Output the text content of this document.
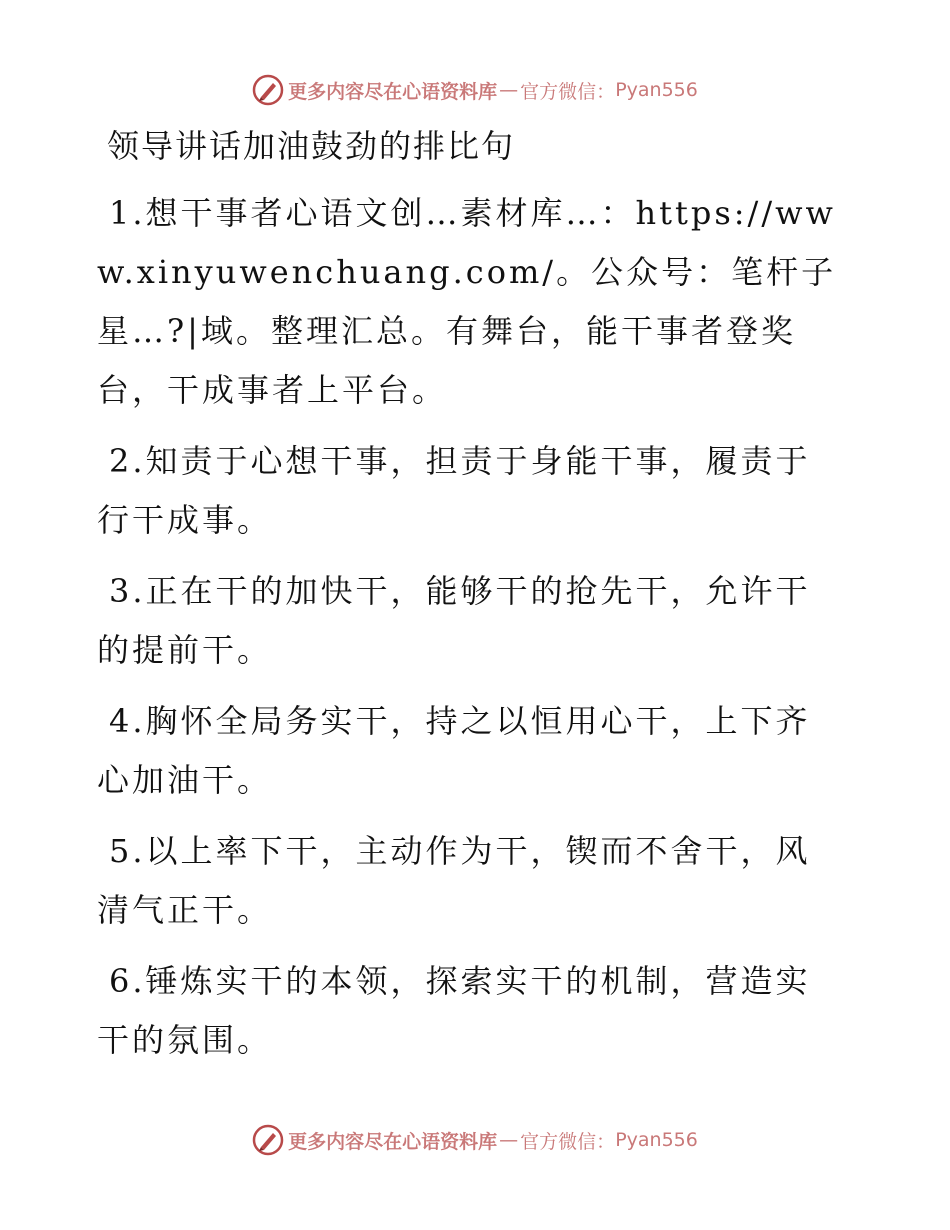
更多内容尽在心语资料库 — 官方微信： Pyan556
领导讲话加油鼓劲的排比句

1.想干事者心语文创…素材库…：https://www.xinyuwenchuang.com/。公众号：笔杆子星…?|域。整理汇总。有舞台，能干事者登奖台，干成事者上平台。

2.知责于心想干事，担责于身能干事，履责于行干成事。

3.正在干的加快干，能够干的抢先干，允许干的提前干。

4.胸怀全局务实干，持之以恒用心干，上下齐心加油干。

5.以上率下干，主动作为干，锲而不舍干，风清气正干。

6.锤炼实干的本领，探索实干的机制，营造实干的氛围。

更多内容尽在心语资料库 — 官方微信： Pyan556
